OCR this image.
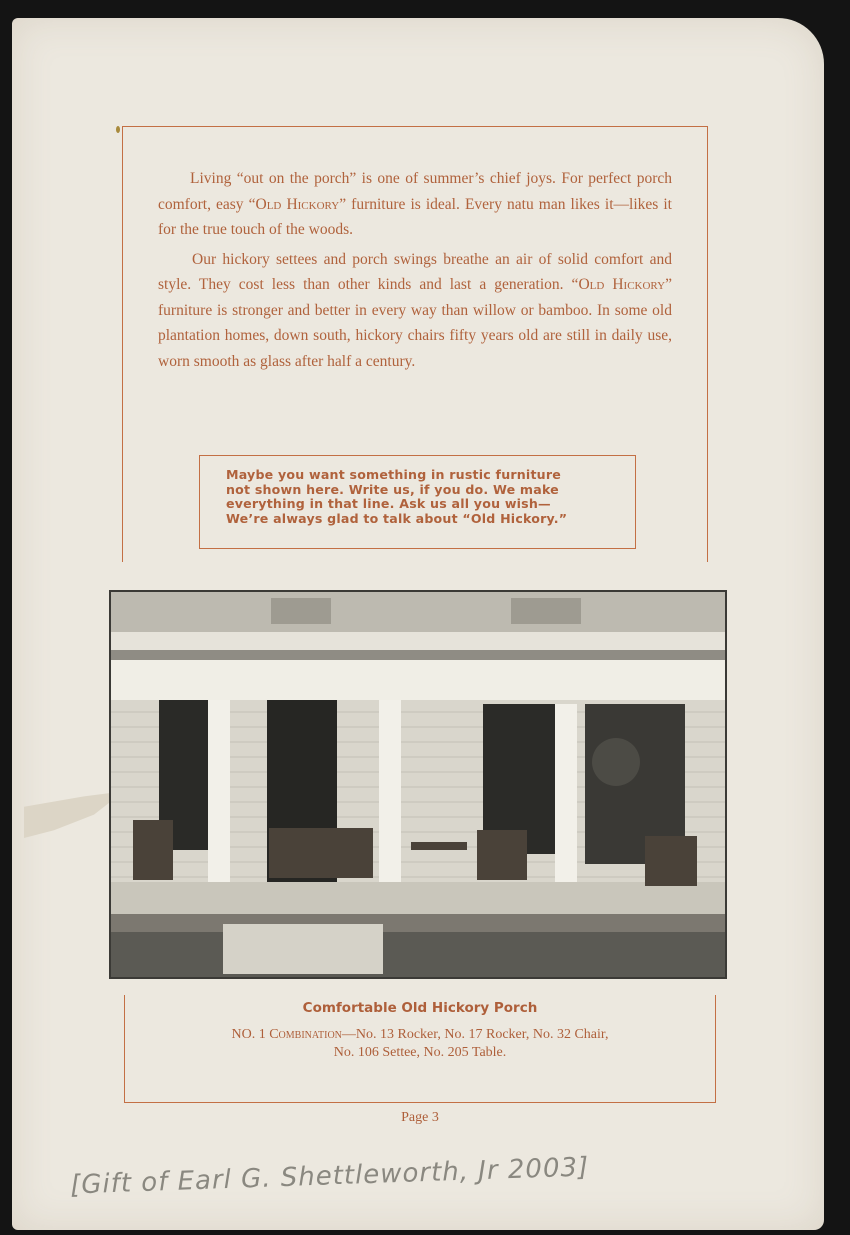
Living “out on the porch” is one of summer’s chief joys. For perfect porch comfort, easy “Old Hickory” furniture is ideal. Every natu man likes it—likes it for the true touch of the woods.

Our hickory settees and porch swings breathe an air of solid comfort and style. They cost less than other kinds and last a generation. “Old Hickory” furniture is stronger and better in every way than willow or bamboo. In some old plantation homes, down south, hickory chairs fifty years old are still in daily use, worn smooth as glass after half a century.

Maybe you want something in rustic furniture
not shown here. Write us, if you do. We make
everything in that line. Ask us all you wish—
We’re always glad to talk about “Old Hickory.”
Comfortable Old Hickory Porch
NO. 1 Combination—No. 13 Rocker, No. 17 Rocker, No. 32 Chair,
No. 106 Settee, No. 205 Table.
Page 3
[Gift of Earl G. Shettleworth, Jr 2003]
